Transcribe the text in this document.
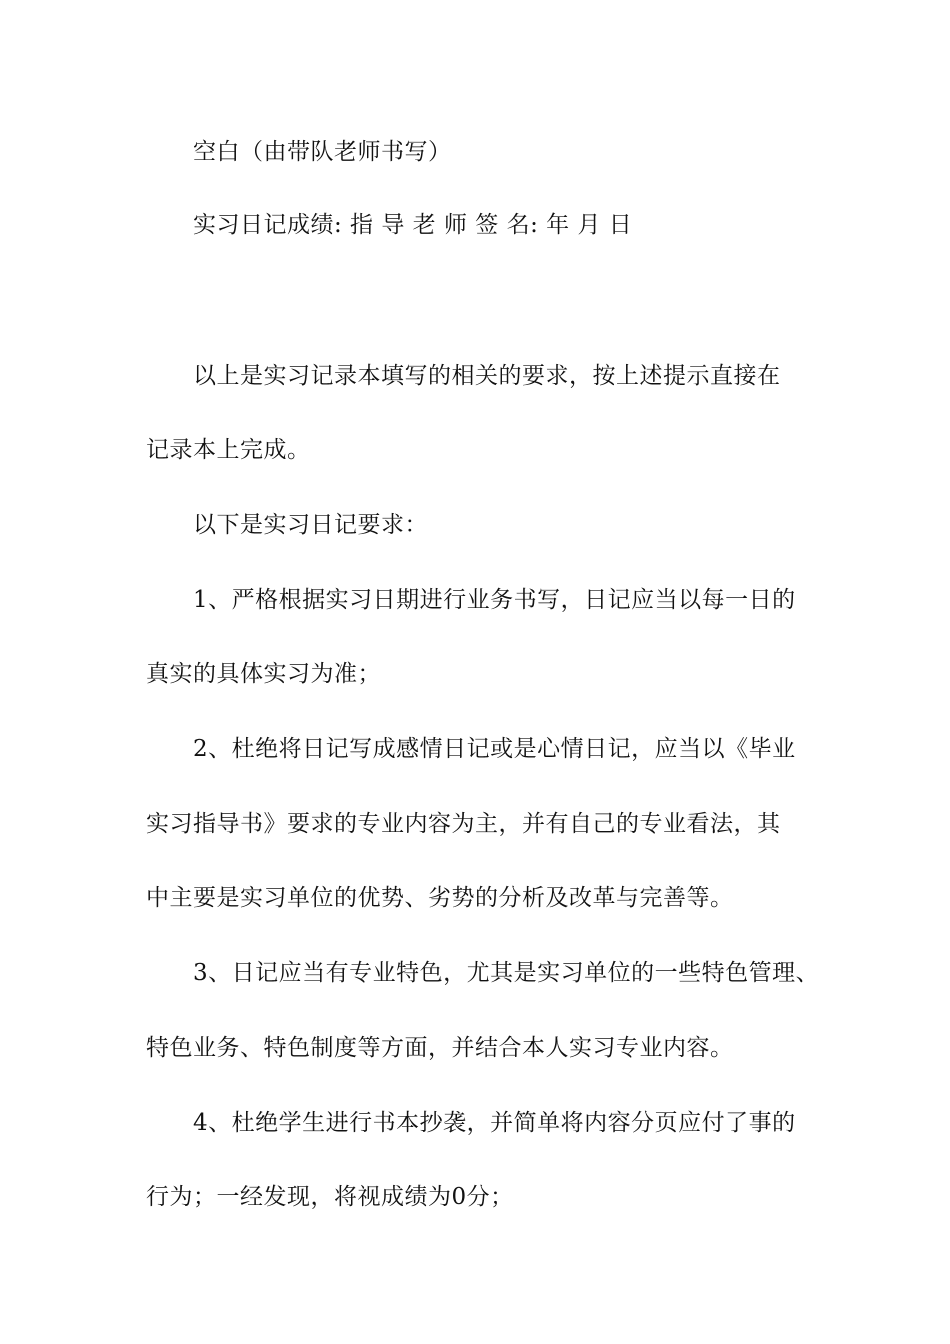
空白（由带队老师书写）
实习日记成绩: 指 导 老 师 签 名: 年 月 日
以上是实习记录本填写的相关的要求，按上述提示直接在
记录本上完成。
以下是实习日记要求：
1、严格根据实习日期进行业务书写，日记应当以每一日的
真实的具体实习为准；
2、杜绝将日记写成感情日记或是心情日记，应当以《毕业
实习指导书》要求的专业内容为主，并有自己的专业看法，其
中主要是实习单位的优势、劣势的分析及改革与完善等。
3、日记应当有专业特色，尤其是实习单位的一些特色管理、
特色业务、特色制度等方面，并结合本人实习专业内容。
4、杜绝学生进行书本抄袭，并简单将内容分页应付了事的
行为；一经发现，将视成绩为0分；
